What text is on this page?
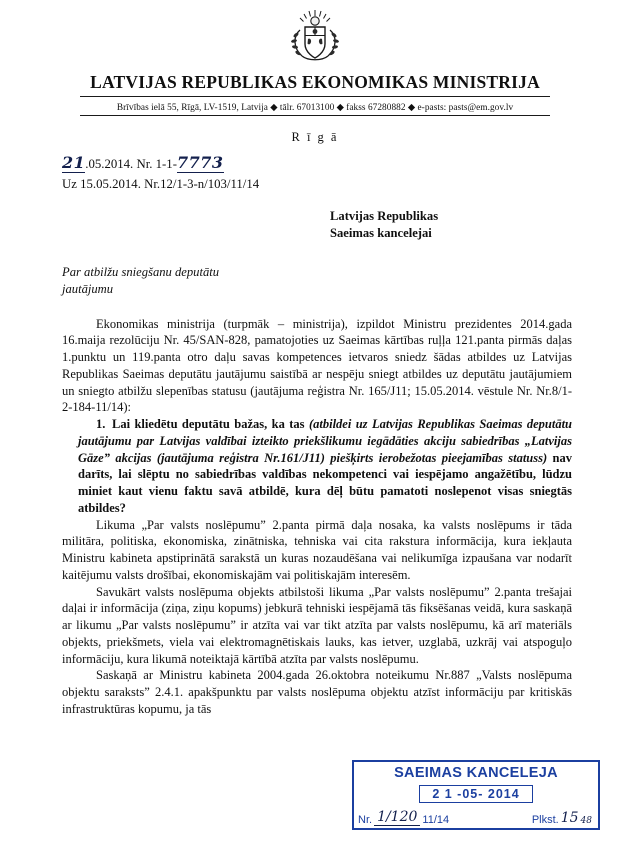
LATVIJAS REPUBLIKAS EKONOMIKAS MINISTRIJA
Brīvības ielā 55, Rīgā, LV-1519, Latvija ◆ tālr. 67013100 ◆ fakss 67280882 ◆ e-pasts: pasts@em.gov.lv
R ī g ā
21.05.2014. Nr. 1-1-7773
Uz 15.05.2014. Nr.12/1-3-n/103/11/14
Latvijas Republikas
Saeimas kancelejai
Par atbilžu sniegšanu deputātu
jautājumu

Ekonomikas ministrija (turpmāk – ministrija), izpildot Ministru prezidentes 2014.gada 16.maija rezolūciju Nr. 45/SAN-828, pamatojoties uz Saeimas kārtības ruļļa 121.panta pirmās daļas 1.punktu un 119.panta otro daļu savas kompetences ietvaros sniedz šādas atbildes uz Latvijas Republikas Saeimas deputātu jautājumu saistībā ar nespēju sniegt atbildes uz deputātu jautājumiem un sniegto atbilžu slepenības statusu (jautājuma reģistra Nr. 165/J11; 15.05.2014. vēstule Nr. Nr.8/1-2-184-11/14):

1. Lai kliedētu deputātu bažas, ka tas (atbildei uz Latvijas Republikas Saeimas deputātu jautājumu par Latvijas valdībai izteikto priekšlikumu iegādāties akciju sabiedrības „Latvijas Gāze” akcijas (jautājuma reģistra Nr.161/J11) piešķirts ierobežotas pieejamības statuss) nav darīts, lai slēptu no sabiedrības valdības nekompetenci vai iespējamo angažētību, lūdzu miniet kaut vienu faktu savā atbildē, kura dēļ būtu pamatoti noslepenot visas sniegtās atbildes?

Likuma „Par valsts noslēpumu” 2.panta pirmā daļa nosaka, ka valsts noslēpums ir tāda militāra, politiska, ekonomiska, zinātniska, tehniska vai cita rakstura informācija, kura iekļauta Ministru kabineta apstiprinātā sarakstā un kuras nozaudēšana vai nelikumīga izpaušana var nodarīt kaitējumu valsts drošībai, ekonomiskajām vai politiskajām interesēm.

Savukārt valsts noslēpuma objekts atbilstoši likuma „Par valsts noslēpumu” 2.panta trešajai daļai ir informācija (ziņa, ziņu kopums) jebkurā tehniski iespējamā tās fiksēšanas veidā, kura saskaņā ar likumu „Par valsts noslēpumu” ir atzīta vai var tikt atzīta par valsts noslēpumu, kā arī materiāls objekts, priekšmets, viela vai elektromagnētiskais lauks, kas ietver, uzglabā, uzkrāj vai atspoguļo informāciju, kura likumā noteiktajā kārtībā atzīta par valsts noslēpumu.

Saskaņā ar Ministru kabineta 2004.gada 26.oktobra noteikumu Nr.887 „Valsts noslēpuma objektu saraksts” 2.4.1. apakšpunktu par valsts noslēpuma objektu atzīst informāciju par kritiskās infrastruktūras kopumu, ja tās

SAEIMAS KANCELEJA
2 1 -05- 2014
Nr. 1/120 11/14	Plkst. 15 48
